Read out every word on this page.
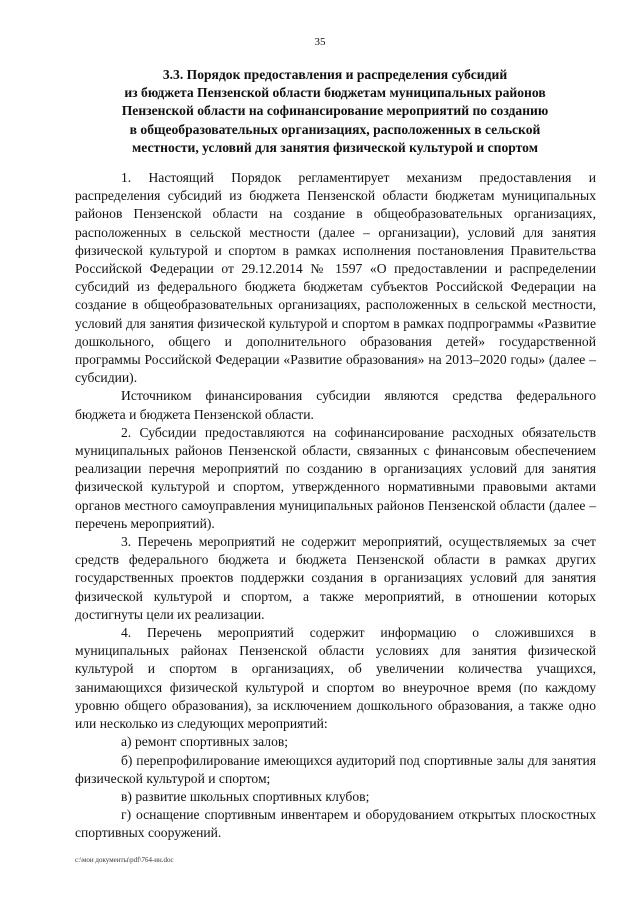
35
3.3. Порядок предоставления и распределения субсидий
из бюджета Пензенской области бюджетам муниципальных районов
Пензенской области на софинансирование мероприятий по созданию
в общеобразовательных организациях, расположенных в сельской
местности, условий для занятия физической культурой и спортом

1. Настоящий Порядок регламентирует механизм предоставления и распределения субсидий из бюджета Пензенской области бюджетам муниципальных районов Пензенской области на создание в общеобразовательных организациях, расположенных в сельской местности (далее – организации), условий для занятия физической культурой и спортом в рамках исполнения постановления Правительства Российской Федерации от 29.12.2014 № 1597 «О предоставлении и распределении субсидий из федерального бюджета бюджетам субъектов Российской Федерации на создание в общеобразовательных организациях, расположенных в сельской местности, условий для занятия физической культурой и спортом в рамках подпрограммы «Развитие дошкольного, общего и дополнительного образования детей» государственной программы Российской Федерации «Развитие образования» на 2013–2020 годы» (далее – субсидии).

Источником финансирования субсидии являются средства федерального бюджета и бюджета Пензенской области.

2. Субсидии предоставляются на софинансирование расходных обязательств муниципальных районов Пензенской области, связанных с финансовым обеспечением реализации перечня мероприятий по созданию в организациях условий для занятия физической культурой и спортом, утвержденного нормативными правовыми актами органов местного самоуправления муниципальных районов Пензенской области (далее – перечень мероприятий).

3. Перечень мероприятий не содержит мероприятий, осуществляемых за счет средств федерального бюджета и бюджета Пензенской области в рамках других государственных проектов поддержки создания в организациях условий для занятия физической культурой и спортом, а также мероприятий, в отношении которых достигнуты цели их реализации.

4. Перечень мероприятий содержит информацию о сложившихся в муниципальных районах Пензенской области условиях для занятия физической культурой и спортом в организациях, об увеличении количества учащихся, занимающихся физической культурой и спортом во внеурочное время (по каждому уровню общего образования), за исключением дошкольного образования, а также одно или несколько из следующих мероприятий:

а) ремонт спортивных залов;

б) перепрофилирование имеющихся аудиторий под спортивные залы для занятия физической культурой и спортом;

в) развитие школьных спортивных клубов;

г) оснащение спортивным инвентарем и оборудованием открытых плоскостных спортивных сооружений.

c:\мои документы\pdf\764-ин.doc
